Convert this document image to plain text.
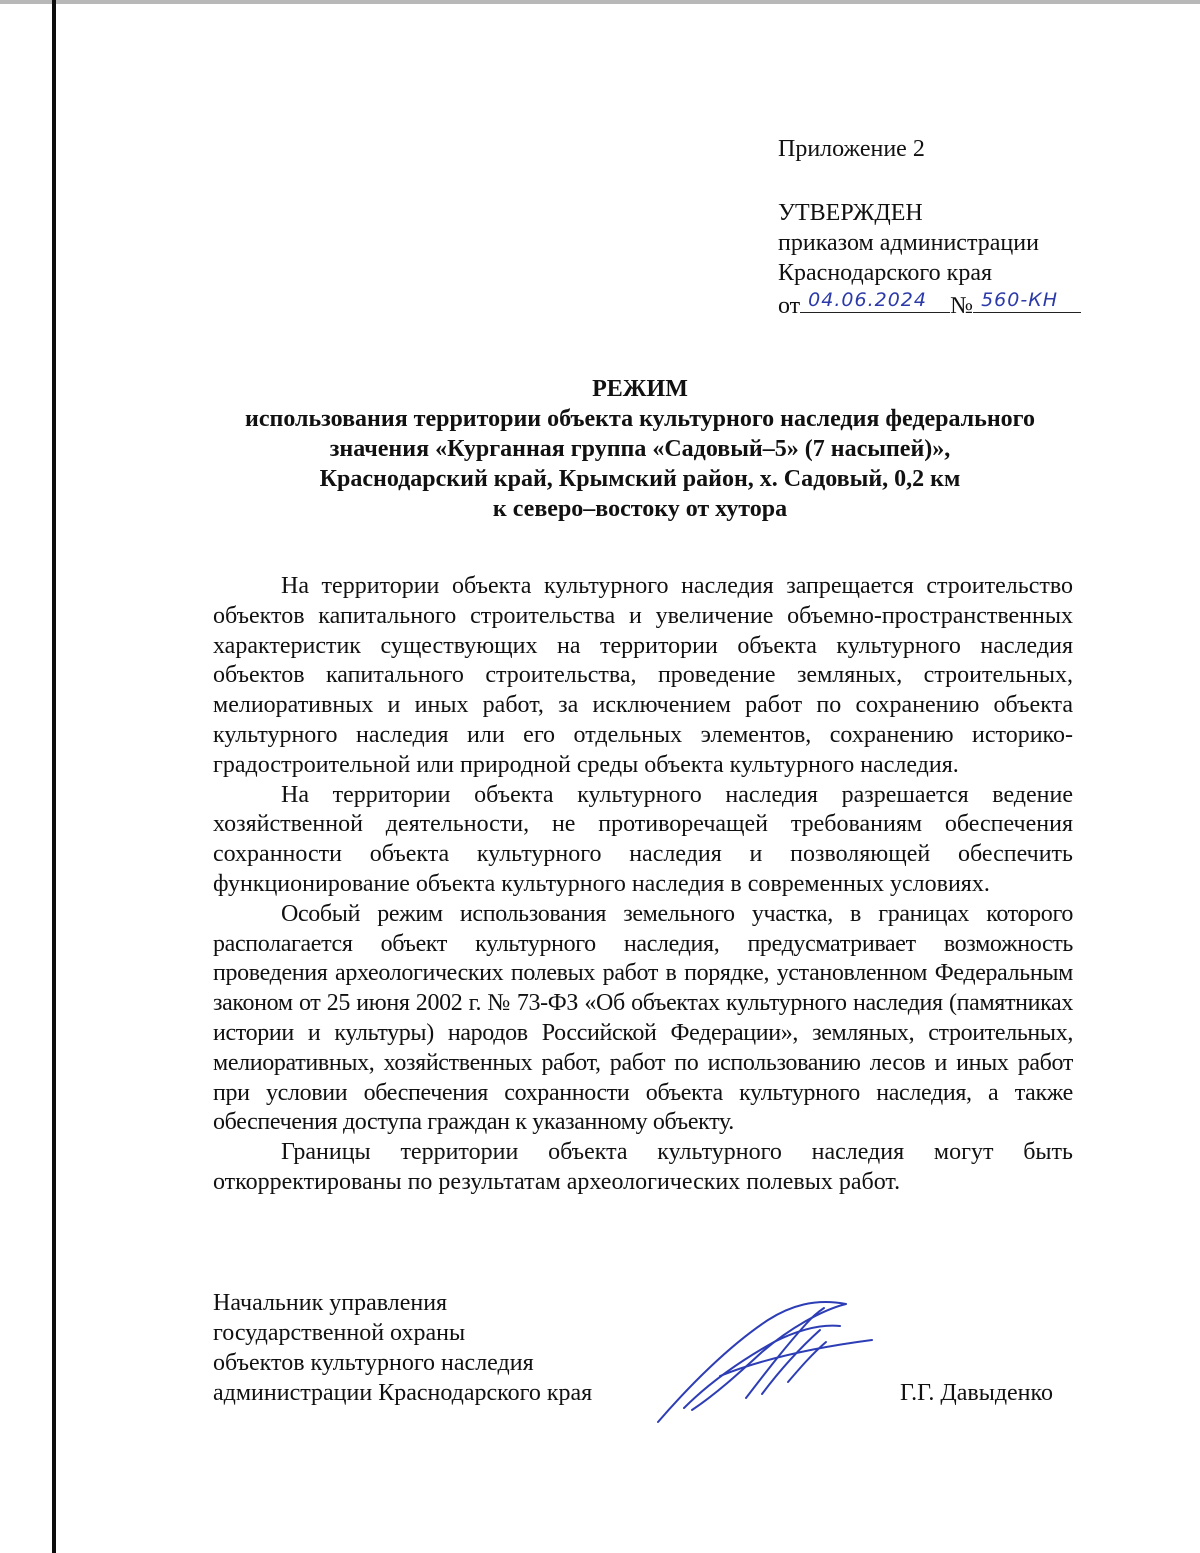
Приложение 2
УТВЕРЖДЕН
приказом администрации
Краснодарского края
от 04.06.2024 № 560-КН
РЕЖИМ
использования территории объекта культурного наследия федерального
значения «Курганная группа «Садовый–5» (7 насыпей)»,
Краснодарский край, Крымский район, х. Садовый, 0,2 км
к северо–востоку от хутора

На территории объекта культурного наследия запрещается строительство объектов капитального строительства и увеличение объемно-пространственных характеристик существующих на территории объекта культурного наследия объектов капитального строительства, проведение земляных, строительных, мелиоративных и иных работ, за исключением работ по сохранению объекта культурного наследия или его отдельных элементов, сохранению историко-градостроительной или природной среды объекта культурного наследия.

На территории объекта культурного наследия разрешается ведение хозяйственной деятельности, не противоречащей требованиям обеспечения сохранности объекта культурного наследия и позволяющей обеспечить функционирование объекта культурного наследия в современных условиях.

Особый режим использования земельного участка, в границах которого располагается объект культурного наследия, предусматривает возможность проведения археологических полевых работ в порядке, установленном Федеральным законом от 25 июня 2002 г. № 73-ФЗ «Об объектах культурного наследия (памятниках истории и культуры) народов Российской Федерации», земляных, строительных, мелиоративных, хозяйственных работ, работ по использованию лесов и иных работ при условии обеспечения сохранности объекта культурного наследия, а также обеспечения доступа граждан к указанному объекту.

Границы территории объекта культурного наследия могут быть откорректированы по результатам археологических полевых работ.

Начальник управления
государственной охраны
объектов культурного наследия
администрации Краснодарского края	Г.Г. Давыденко
